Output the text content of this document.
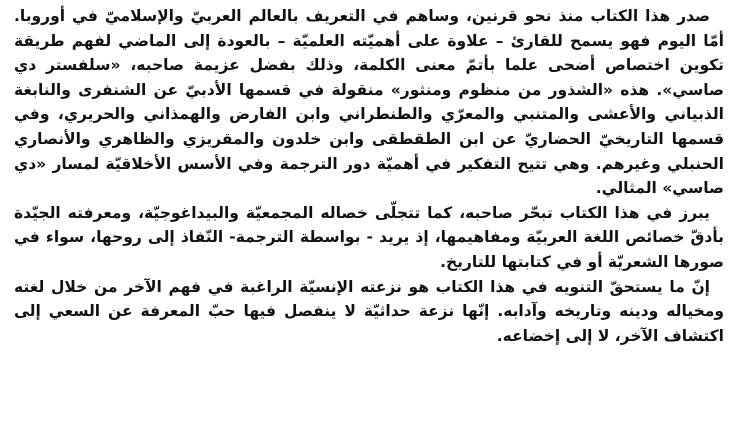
صدر هذا الكتاب منذ نحو قرنين، وساهم في التعريف بالعالم العربيّ والإسلاميّ في أوروبا. أمّا اليوم فهو يسمح للقارئ – علاوة على أهميّته العلميّة – بالعودة إلى الماضي لفهم طريقة تكوين اختصاص أضحى علما بأتمّ معنى الكلمة، وذلك بفضل عزيمة صاحبه، «سلفستر دي صاسي». هذه «الشذور من منظوم ومنثور» منقولة في قسمها الأدبيّ عن الشنفرى والنابغة الذبياني والأعشى والمتنبي والمعرّي والطنطراني وابن الفارض والهمذاني والحريري، وفي قسمها التاريخيّ الحضاريّ عن ابن الطقطقى وابن خلدون والمقريزي والظاهري والأنصاري الحنبلي وغيرهم. وهي تتيح التفكير في أهميّة دور الترجمة وفي الأسس الأخلاقيّة لمسار «دي صاسي» المثالي.

يبرز في هذا الكتاب تبحّر صاحبه، كما تتجلّى خصاله المجمعيّة والبيداغوجيّة، ومعرفته الجيّدة بأدقّ خصائص اللغة العربيّة ومفاهيمها، إذ يريد - بواسطة الترجمة- النّفاذ إلى روحها، سواء في صورها الشعريّة أو في كتابتها للتاريخ.

إنّ ما يستحقّ التنويه في هذا الكتاب هو نزعته الإنسيّة الراغبة في فهم الآخر من خلال لغته ومخياله ودينه وتاريخه وآدابه. إنّها نزعة حداثيّة لا ينفصل فيها حبّ المعرفة عن السعي إلى اكتشاف الآخر، لا إلى إخضاعه.
